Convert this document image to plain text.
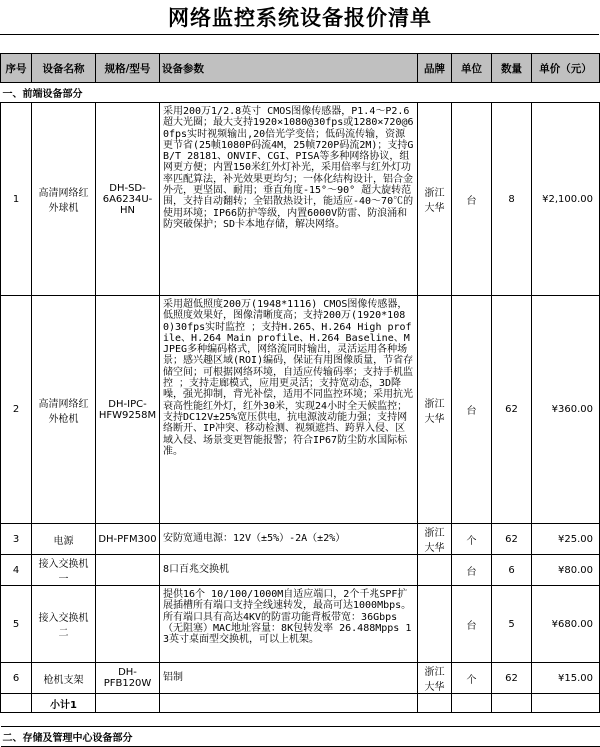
网络监控系统设备报价清单
序号	设备名称	规格/型号	设备参数	品牌	单位	数量	单价（元）
一、前端设备部分							
1	高清网络红外球机	DH-SD-6A6234U-HN	采用200万1/2.8英寸 CMOS图像传感器，P1.4～P2.6超大光圈；最大支持1920×1080@30fps或1280×720@60fps实时视频输出,20倍光学变倍；低码流传输，资源更节省(25帧1080P码流4M，25帧720P码流2M)；支持GB/T 28181、ONVIF、CGI、PISA等多种网络协议，组网更方便；内置150米红外灯补光，采用倍率与红外灯功率匹配算法，补光效果更均匀；一体化结构设计，铝合金外壳，更坚固、耐用；垂直角度-15°～90° 超大旋转范围，支持自动翻转；全铝散热设计，能适应-40～70℃的使用环境；IP66防护等级，内置6000V防雷、防浪涌和防突破保护；SD卡本地存储，解决网络。	浙江大华	台	8	¥2,100.00
2	高清网络红外枪机	DH-IPC-HFW9258M	采用超低照度200万(1948*1116) CMOS图像传感器，低照度效果好，图像清晰度高；支持200万(1920*1080)30fps实时监控 ；支持H.265、H.264 High profile、H.264 Main profile、H.264 Baseline、MJPEG多种编码格式，网络流同时输出，灵活运用各种场景；感兴趣区域(ROI)编码，保证有用图像质量，节省存储空间；可根据网络环境，自适应传输码率；支持手机监控 ；支持走廊模式，应用更灵活；支持宽动态，3D降噪，强光抑制，背光补偿，适用不同监控环境；采用抗光衰高性能红外灯，红外30米，实现24小时全天候监控；支持DC12V±25%宽压供电，抗电源波动能力强；支持网络断开、IP冲突、移动检测、视频遮挡、跨界入侵、区域入侵、场景变更智能报警；符合IP67防尘防水国际标准。	浙江大华	台	62	¥360.00
3	电源	DH-PFM300	安防宽通电源：12V（±5%）-2A（±2%）	浙江大华	个	62	¥25.00
4	接入交换机一		8口百兆交换机		台	6	¥80.00
5	接入交换机二		提供16个 10/100/1000M自适应端口，2个千兆SPF扩展插槽所有端口支持全线速转发，最高可达1000Mbps。 所有端口具有高达4KV的防雷功能背板带宽：36Gbps（无阻塞）MAC地址容量：8K包转发率 26.488Mpps 13英寸桌面型交换机，可以上机架。		台	5	¥680.00
6	枪机支架	DH-PFB120W	铝制	浙江大华	个	62	¥15.00
	小计1						

二、存储及管理中心设备部分							
